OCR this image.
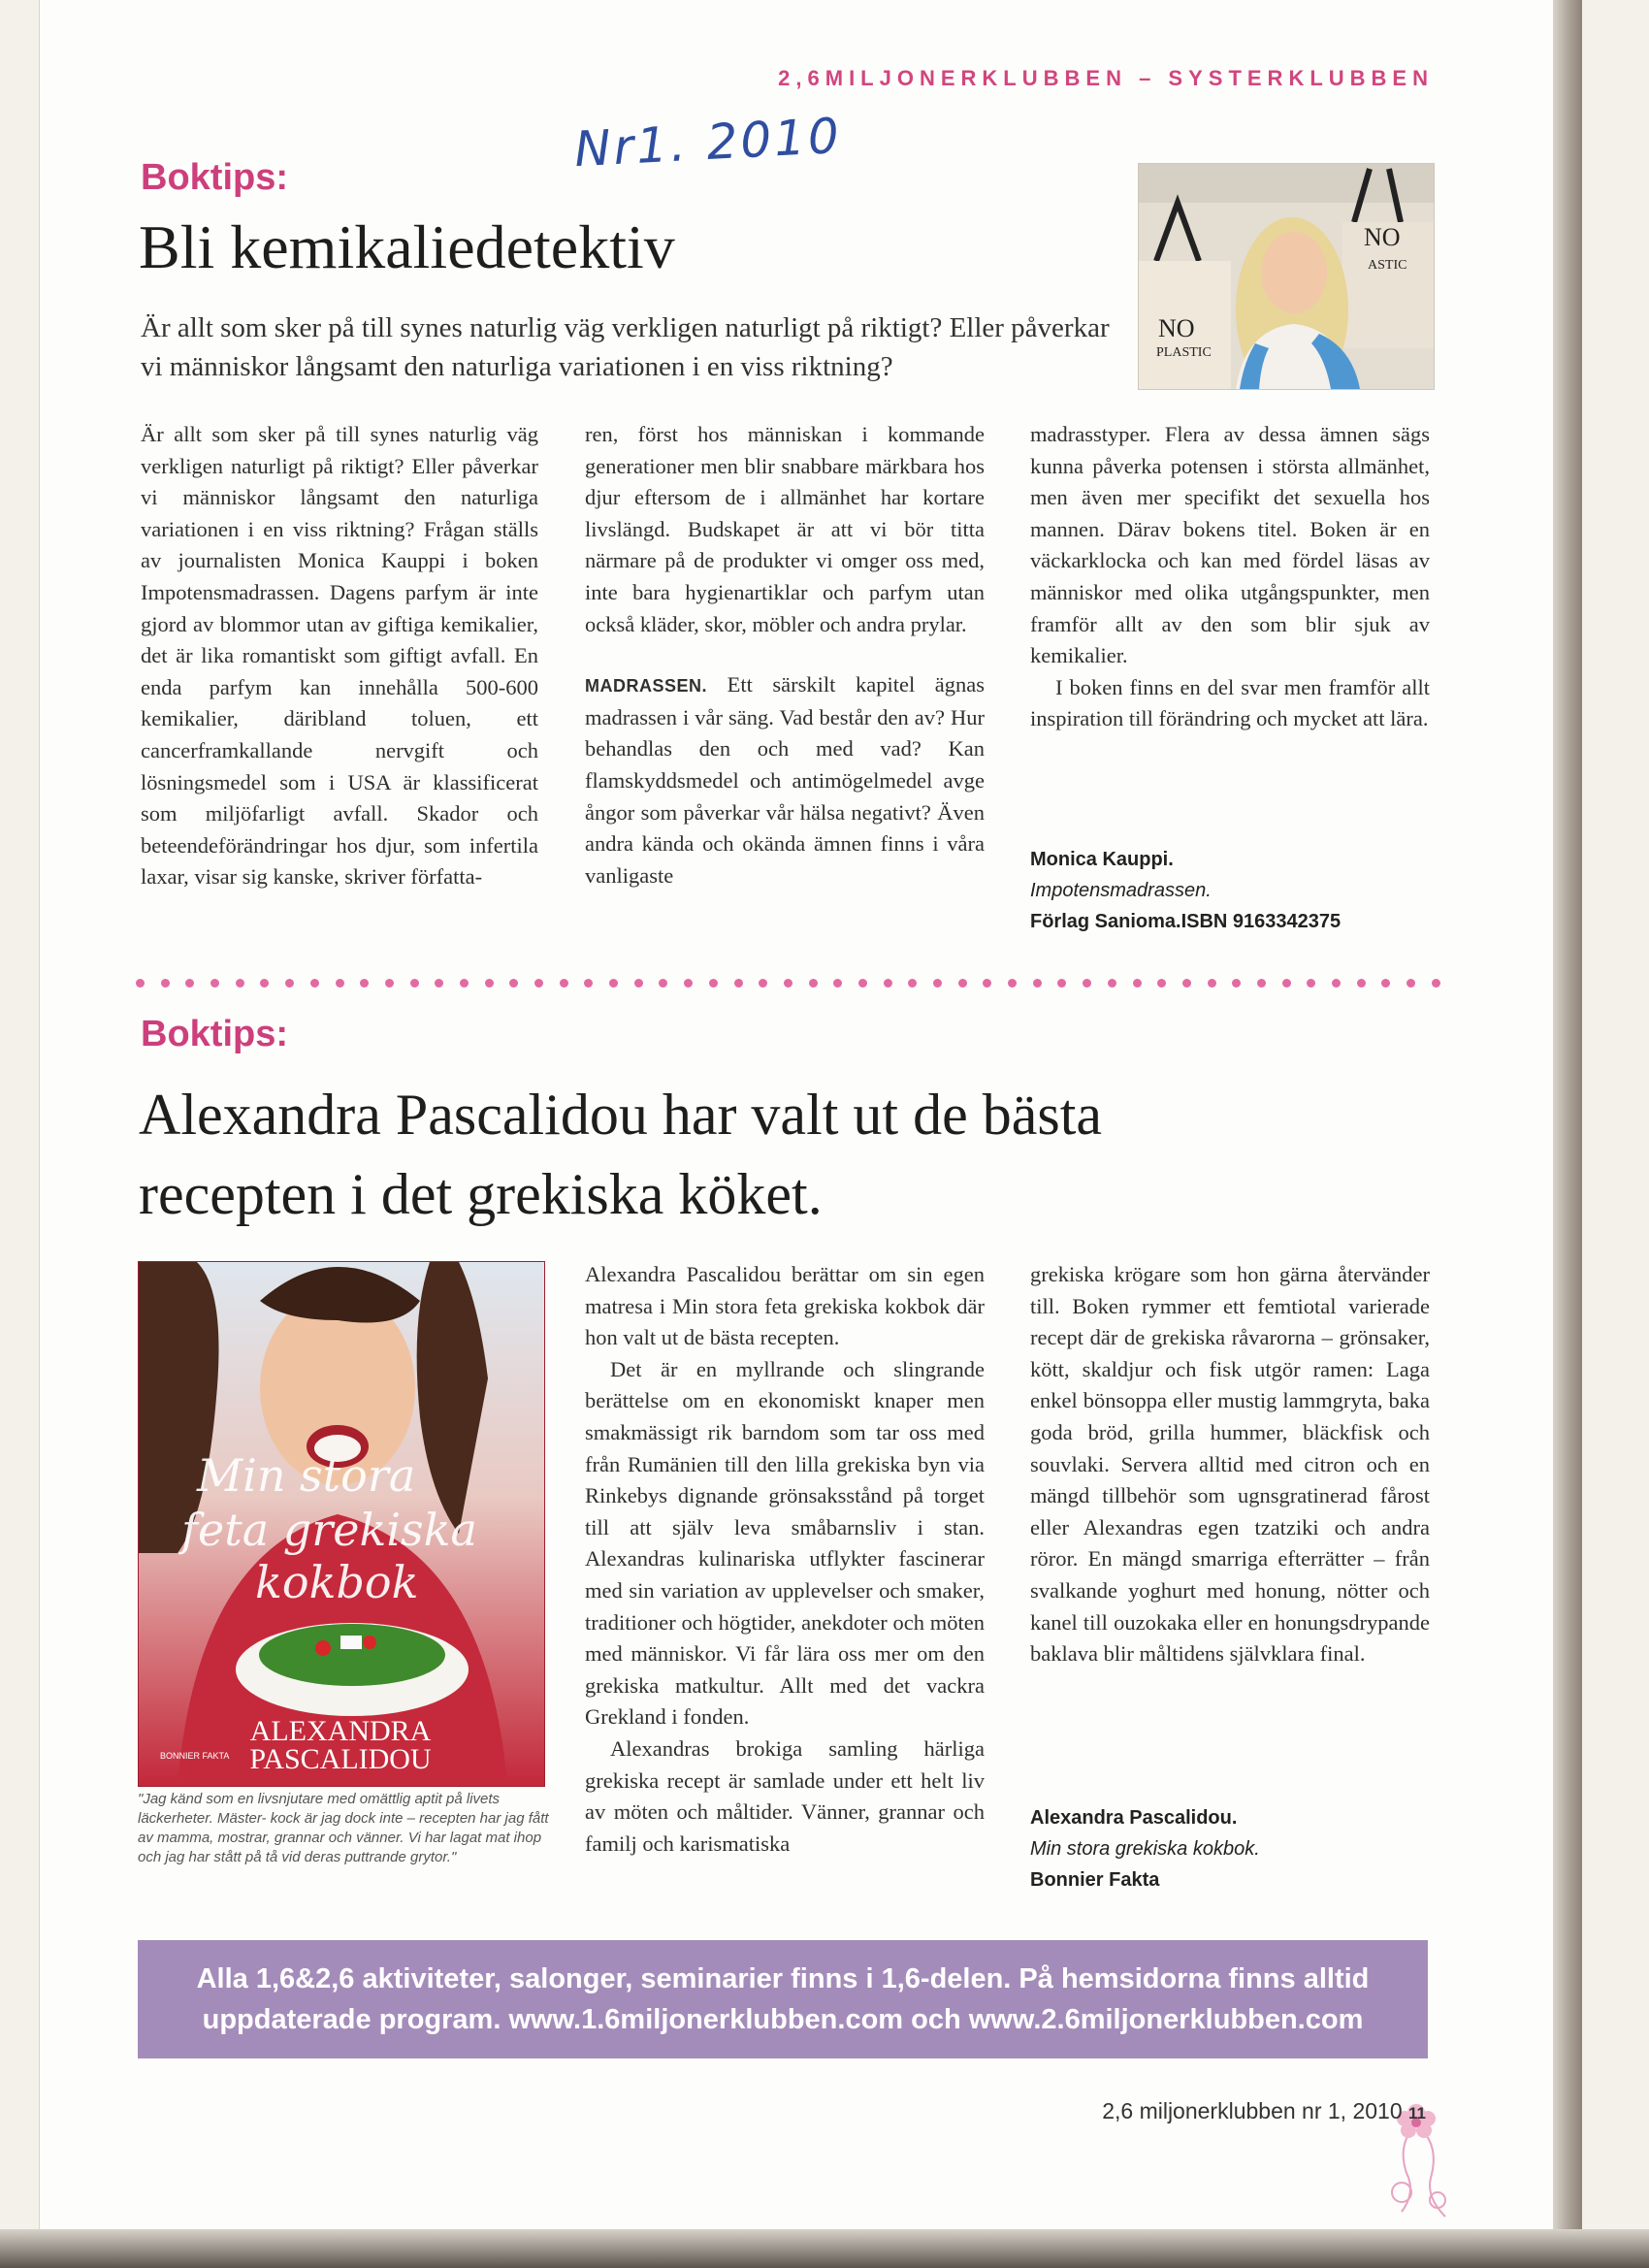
2,6MILJONERKLUBBEN – SYSTERKLUBBEN
Nr1. 2010
Boktips:
Bli kemikaliedetektiv
Är allt som sker på till synes naturlig väg verkligen naturligt på riktigt? Eller påverkar vi människor långsamt den naturliga variationen i en viss riktning?
NO
ASTIC
NO
PLASTIC

Är allt som sker på till synes naturlig väg verkligen naturligt på riktigt? Eller påverkar vi människor långsamt den naturliga variationen i en viss riktning? Frågan ställs av journalisten Monica Kauppi i boken Impotensmadrassen. Dagens parfym är inte gjord av blommor utan av giftiga kemikalier, det är lika romantiskt som giftigt avfall. En enda parfym kan innehålla 500-600 kemikalier, däribland toluen, ett cancerframkallande nervgift och lösningsmedel som i USA är klassificerat som miljöfarligt avfall. Skador och beteendeförändringar hos djur, som infertila laxar, visar sig kanske, skriver författa-

ren, först hos människan i kommande generationer men blir snabbare märkbara hos djur eftersom de i allmänhet har kortare livslängd. Budskapet är att vi bör titta närmare på de produkter vi omger oss med, inte bara hygienartiklar och parfym utan också kläder, skor, möbler och andra prylar.

MADRASSEN. Ett särskilt kapitel ägnas madrassen i vår säng. Vad består den av? Hur behandlas den och med vad? Kan flamskyddsmedel och antimögelmedel avge ångor som påverkar vår hälsa negativt? Även andra kända och okända ämnen finns i våra vanligaste

madrasstyper. Flera av dessa ämnen sägs kunna påverka potensen i största allmänhet, men även mer specifikt det sexuella hos mannen. Därav bokens titel. Boken är en väckarklocka och kan med fördel läsas av människor med olika utgångspunkter, men framför allt av den som blir sjuk av kemikalier.

I boken finns en del svar men framför allt inspiration till förändring och mycket att lära.

Monica Kauppi.
Impotensmadrassen.
Förlag Sanioma.ISBN 9163342375
Boktips:
Alexandra Pascalidou har valt ut de bästa
recepten i det grekiska köket.
Min stora feta grekiska kokbok
ALEXANDRA
PASCALIDOU
BONNIER FAKTA
"Jag känd som en livsnjutare med omättlig aptit på livets läckerheter. Mäster- kock är jag dock inte – recepten har jag fått av mamma, mostrar, grannar och vänner. Vi har lagat mat ihop och jag har stått på tå vid deras puttrande grytor."

Alexandra Pascalidou berättar om sin egen matresa i Min stora feta grekiska kokbok där hon valt ut de bästa recepten.

Det är en myllrande och slingrande berättelse om en ekonomiskt knaper men smakmässigt rik barndom som tar oss med från Rumänien till den lilla grekiska byn via Rinkebys dignande grönsaksstånd på torget till att själv leva småbarnsliv i stan. Alexandras kulinariska utflykter fascinerar med sin variation av upplevelser och smaker, traditioner och högtider, anekdoter och möten med människor. Vi får lära oss mer om den grekiska matkultur. Allt med det vackra Grekland i fonden.

Alexandras brokiga samling härliga grekiska recept är samlade under ett helt liv av möten och måltider. Vänner, grannar och familj och karismatiska

grekiska krögare som hon gärna återvänder till. Boken rymmer ett femtiotal varierade recept där de grekiska råvarorna – grönsaker, kött, skaldjur och fisk utgör ramen: Laga enkel bönsoppa eller mustig lammgryta, baka goda bröd, grilla hummer, bläckfisk och souvlaki. Servera alltid med citron och en mängd tillbehör som ugnsgratinerad fårost eller Alexandras egen tzatziki och andra röror. En mängd smarriga efterrätter – från svalkande yoghurt med honung, nötter och kanel till ouzokaka eller en honungsdrypande baklava blir måltidens självklara final.

Alexandra Pascalidou.
Min stora grekiska kokbok.
Bonnier Fakta
Alla 1,6&2,6 aktiviteter, salonger, seminarier finns i 1,6-delen. På hemsidorna finns alltid
uppdaterade program. www.1.6miljonerklubben.com och www.2.6miljonerklubben.com
2,6 miljonerklubben nr 1, 2010 11
